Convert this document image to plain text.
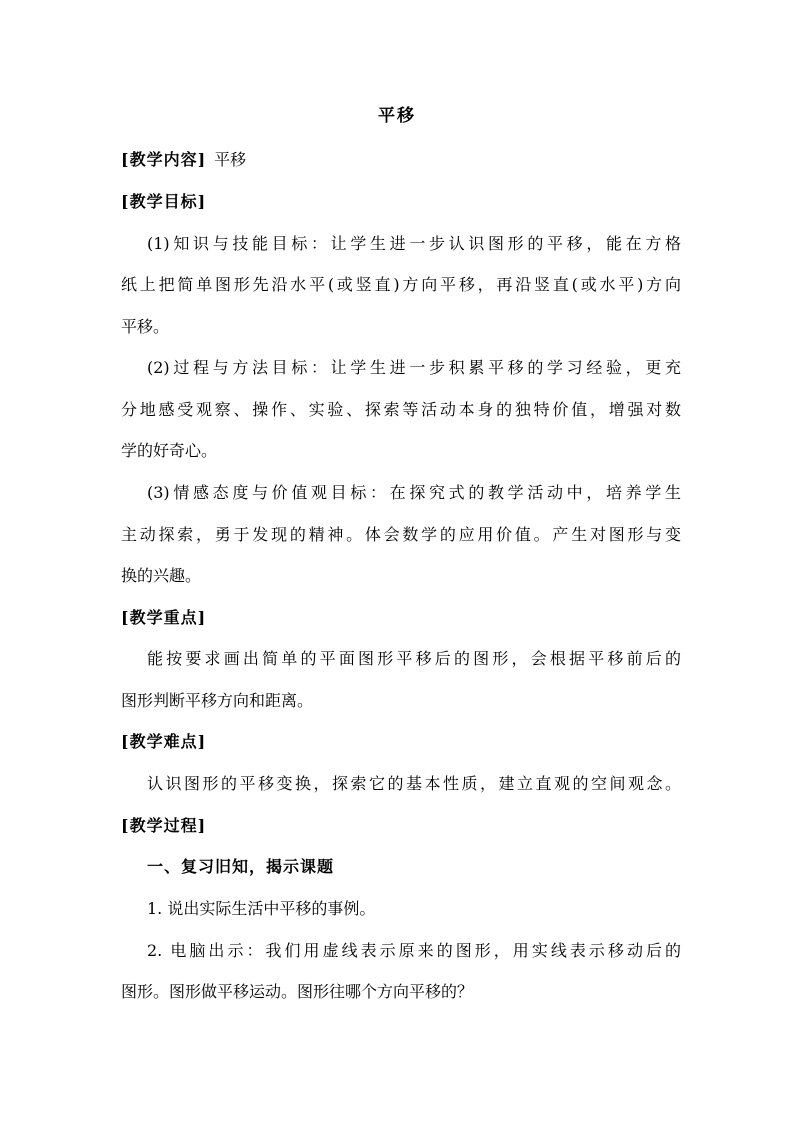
平移
[教学内容] 平移
[教学目标]
(1)知识与技能目标：让学生进一步认识图形的平移，能在方格
纸上把简单图形先沿水平(或竖直)方向平移，再沿竖直(或水平)方向
平移。
(2)过程与方法目标：让学生进一步积累平移的学习经验，更充
分地感受观察、操作、实验、探索等活动本身的独特价值，增强对数
学的好奇心。
(3)情感态度与价值观目标：在探究式的教学活动中，培养学生
主动探索，勇于发现的精神。体会数学的应用价值。产生对图形与变
换的兴趣。
[教学重点]
能按要求画出简单的平面图形平移后的图形，会根据平移前后的
图形判断平移方向和距离。
[教学难点]
认识图形的平移变换，探索它的基本性质，建立直观的空间观念。
[教学过程]
一、复习旧知，揭示课题
1. 说出实际生活中平移的事例。
2. 电脑出示：我们用虚线表示原来的图形，用实线表示移动后的
图形。图形做平移运动。图形往哪个方向平移的？
